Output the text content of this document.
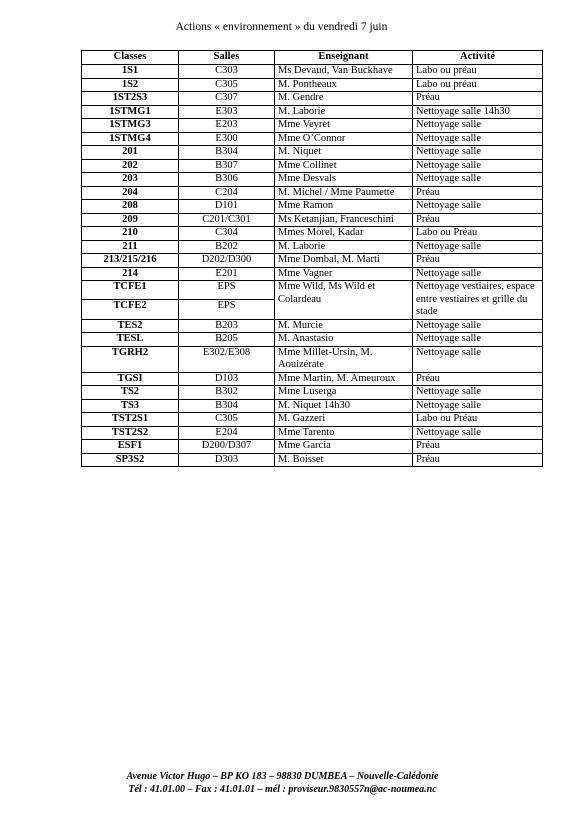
Actions « environnement » du vendredi 7 juin
Classes	Salles	Enseignant	Activité
1S1	C303	Ms Devaud, Van Buckhave	Labo ou préau
1S2	C305	M. Pontheaux	Labo ou préau
1ST2S3	C307	M. Gendre	Préau
1STMG1	E303	M. Laborie	Nettoyage salle 14h30
1STMG3	E203	Mme Veyret	Nettoyage salle
1STMG4	E300	Mme O’Connor	Nettoyage salle
201	B304	M. Niquet	Nettoyage salle
202	B307	Mme Collinet	Nettoyage salle
203	B306	Mme Desvals	Nettoyage salle
204	C204	M. Michel / Mme Paumette	Préau
208	D101	Mme Ramon	Nettoyage salle
209	C201/C301	Ms Ketanjian, Franceschini	Préau
210	C304	Mmes Morel, Kadar	Labo ou Préau
211	B202	M. Laborie	Nettoyage salle
213/215/216	D202/D300	Mme Dombal, M. Marti	Préau
214	E201	Mme Vagner	Nettoyage salle
TCFE1	EPS	Mme Wild, Ms Wild et Colardeau	Nettoyage vestiaires, espace entre vestiaires et grille du stade
TCFE2	EPS		
TES2	B203	M. Murcie	Nettoyage salle
TESL	B205	M. Anastasio	Nettoyage salle
TGRH2	E302/E308	Mme Millet-Ursin, M. Aouizérate	Nettoyage salle
TGSI	D103	Mme Martin, M. Ameuroux	Préau
TS2	B302	Mme Luserga	Nettoyage salle
TS3	B304	M. Niquet 14h30	Nettoyage salle
TST2S1	C305	M. Gazzeri	Labo ou Préau
TST2S2	E204	Mme Tarento	Nettoyage salle
ESF1	D200/D307	Mme Garcia	Préau
SP3S2	D303	M. Boisset	Préau
Avenue Victor Hugo – BP KO 183 – 98830 DUMBEA – Nouvelle-Calédonie
Tél : 41.01.00 – Fax : 41.01.01 – mél : proviseur.9830557n@ac-noumea.nc
